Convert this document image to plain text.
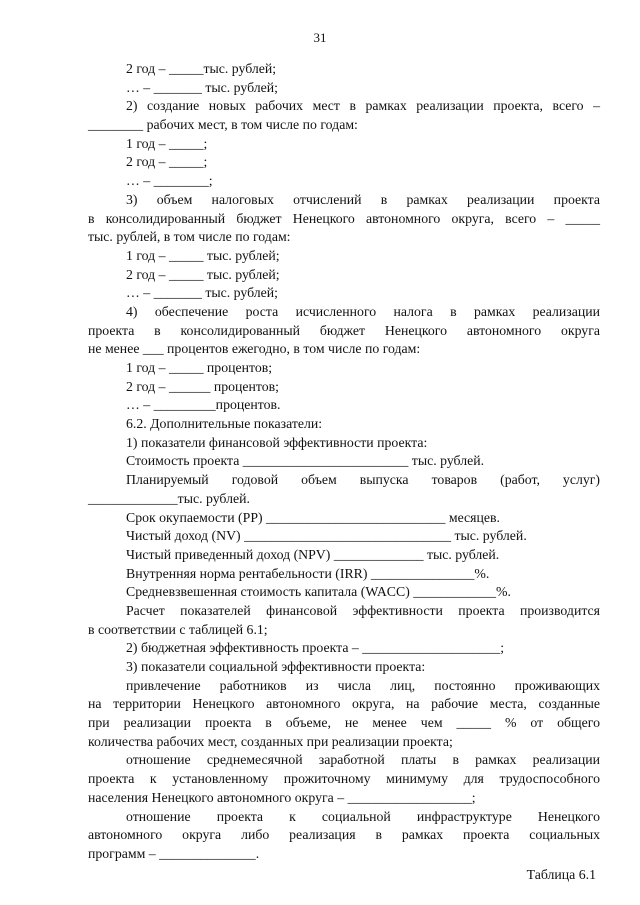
31
2 год – _____тыс. рублей;
… – _______ тыс. рублей;
2) создание новых рабочих мест в рамках реализации проекта, всего –
________ рабочих мест, в том числе по годам:
1 год – _____;
2 год – _____;
… – ________;
3) объем налоговых отчислений в рамках реализации проекта
в консолидированный бюджет Ненецкого автономного округа, всего – _____
тыс. рублей, в том числе по годам:
1 год – _____ тыс. рублей;
2 год – _____ тыс. рублей;
… – _______ тыс. рублей;
4) обеспечение роста исчисленного налога в рамках реализации
проекта в консолидированный бюджет Ненецкого автономного округа
не менее ___ процентов ежегодно, в том числе по годам:
1 год – _____ процентов;
2 год – ______ процентов;
… – _________процентов.
6.2. Дополнительные показатели:
1) показатели финансовой эффективности проекта:
Стоимость проекта ________________________ тыс. рублей.
Планируемый годовой объем выпуска товаров (работ, услуг)
_____________тыс. рублей.
Срок окупаемости (PP) __________________________ месяцев.
Чистый доход (NV) ______________________________ тыс. рублей.
Чистый приведенный доход (NPV) _____________ тыс. рублей.
Внутренняя норма рентабельности (IRR) _______________%.
Средневзвешенная стоимость капитала (WACC) ____________%.
Расчет показателей финансовой эффективности проекта производится
в соответствии с таблицей 6.1;
2) бюджетная эффективность проекта – ____________________;
3) показатели социальной эффективности проекта:
привлечение работников из числа лиц, постоянно проживающих
на территории Ненецкого автономного округа, на рабочие места, созданные
при реализации проекта в объеме, не менее чем _____ % от общего
количества рабочих мест, созданных при реализации проекта;
отношение среднемесячной заработной платы в рамках реализации
проекта к установленному прожиточному минимуму для трудоспособного
населения Ненецкого автономного округа – __________________;
отношение проекта к социальной инфраструктуре Ненецкого
автономного округа либо реализация в рамках проекта социальных
программ – ______________.
Таблица 6.1
